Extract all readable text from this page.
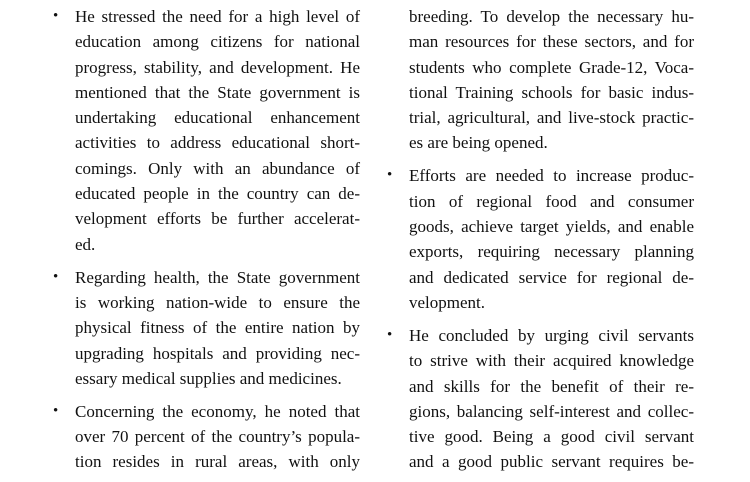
• He stressed the need for a high level of
education among citizens for national
progress, stability, and development. He
mentioned that the State government is
undertaking educational enhancement
activities to address educational short-
comings. Only with an abundance of
educated people in the country can de-
velopment efforts be further accelerat-
ed.
• Regarding health, the State government
is working nation-wide to ensure the
physical fitness of the entire nation by
upgrading hospitals and providing nec-
essary medical supplies and medicines.
• Concerning the economy, he noted that
over 70 percent of the country’s popula-
tion resides in rural areas, with only
breeding. To develop the necessary hu-
man resources for these sectors, and for
students who complete Grade-12, Voca-
tional Training schools for basic indus-
trial, agricultural, and live-stock practic-
es are being opened.
• Efforts are needed to increase produc-
tion of regional food and consumer
goods, achieve target yields, and enable
exports, requiring necessary planning
and dedicated service for regional de-
velopment.
• He concluded by urging civil servants
to strive with their acquired knowledge
and skills for the benefit of their re-
gions, balancing self-interest and collec-
tive good. Being a good civil servant
and a good public servant requires be-
